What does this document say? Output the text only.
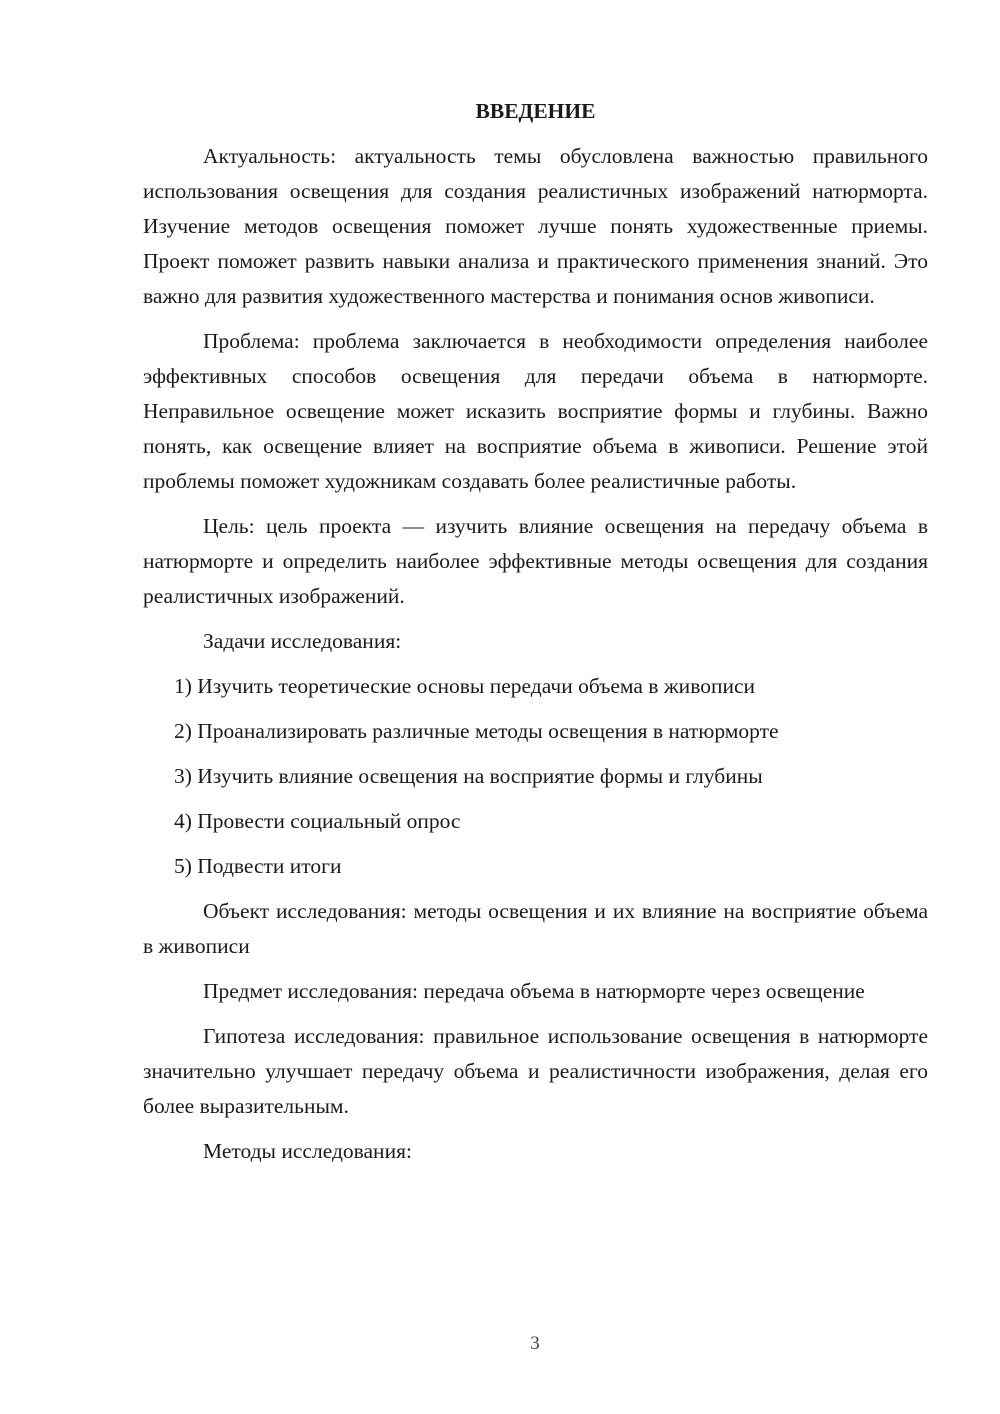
ВВЕДЕНИЕ

Актуальность: актуальность темы обусловлена важностью правильного использования освещения для создания реалистичных изображений натюрморта. Изучение методов освещения поможет лучше понять художественные приемы. Проект поможет развить навыки анализа и практического применения знаний. Это важно для развития художественного мастерства и понимания основ живописи.

Проблема: проблема заключается в необходимости определения наиболее эффективных способов освещения для передачи объема в натюрморте. Неправильное освещение может исказить восприятие формы и глубины. Важно понять, как освещение влияет на восприятие объема в живописи. Решение этой проблемы поможет художникам создавать более реалистичные работы.

Цель: цель проекта — изучить влияние освещения на передачу объема в натюрморте и определить наиболее эффективные методы освещения для создания реалистичных изображений.

Задачи исследования:

1) Изучить теоретические основы передачи объема в живописи
2) Проанализировать различные методы освещения в натюрморте
3) Изучить влияние освещения на восприятие формы и глубины
4) Провести социальный опрос
5) Подвести итоги

Объект исследования: методы освещения и их влияние на восприятие объема в живописи

Предмет исследования: передача объема в натюрморте через освещение

Гипотеза исследования: правильное использование освещения в натюрморте значительно улучшает передачу объема и реалистичности изображения, делая его более выразительным.

Методы исследования:

3
